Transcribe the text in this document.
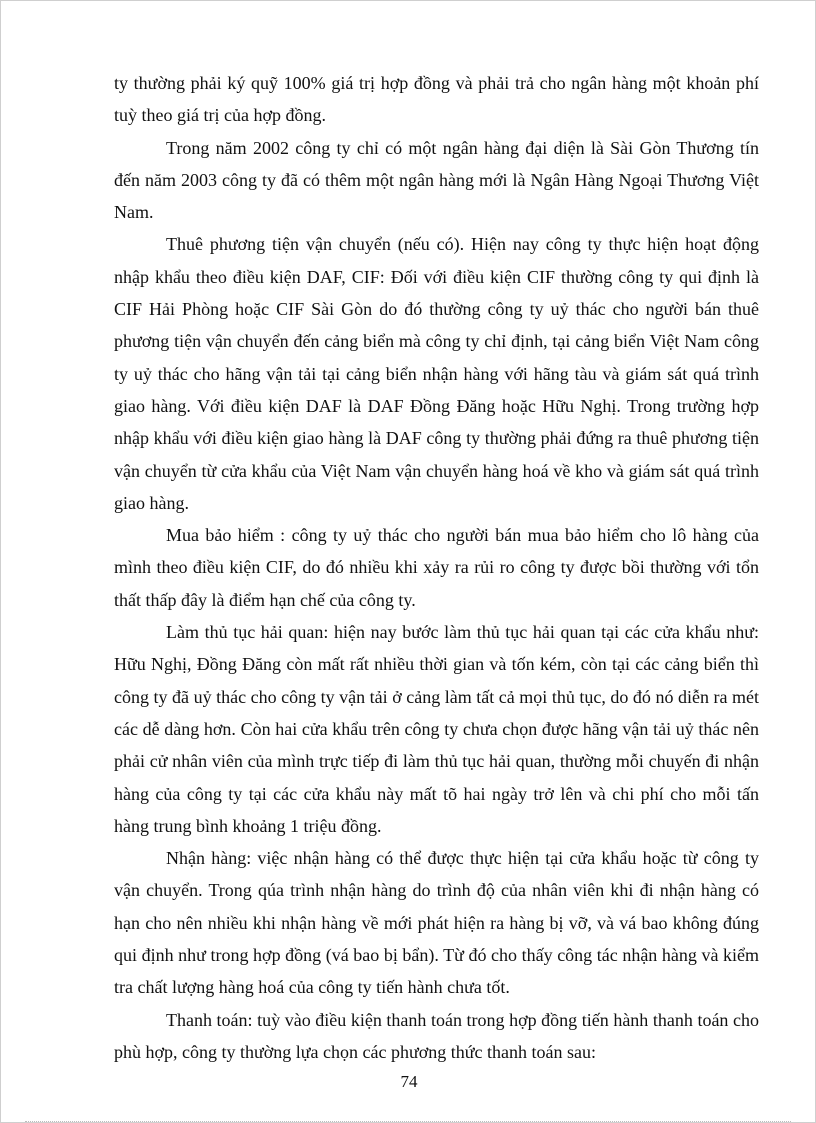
ty thường phải ký quỹ 100% giá trị hợp đồng và phải trả cho ngân hàng một khoản phí tuỳ theo giá trị của hợp đồng.

Trong năm 2002 công ty chỉ có một ngân hàng đại diện là Sài Gòn Thương tín đến năm 2003 công ty đã có thêm một ngân hàng mới là Ngân Hàng Ngoại Thương Việt Nam.

Thuê phương tiện vận chuyển (nếu có). Hiện nay công ty thực hiện hoạt động nhập khẩu theo điều kiện DAF, CIF: Đối với điều kiện CIF thường công ty qui định là CIF Hải Phòng hoặc CIF Sài Gòn do đó thường công ty uỷ thác cho người bán thuê phương tiện vận chuyển đến cảng biển mà công ty chỉ định, tại cảng biển Việt Nam công ty uỷ thác cho hãng vận tải tại cảng biển nhận hàng với hãng tàu và giám sát quá trình giao hàng. Với điều kiện DAF là DAF Đồng Đăng hoặc Hữu Nghị. Trong trường hợp nhập khẩu với điều kiện giao hàng là DAF công ty thường phải đứng ra thuê phương tiện vận chuyển từ cửa khẩu của Việt Nam vận chuyển hàng hoá về kho và giám sát quá trình giao hàng.

Mua bảo hiểm : công ty uỷ thác cho người bán mua bảo hiểm cho lô hàng của mình theo điều kiện CIF, do đó nhiều khi xảy ra rủi ro công ty được bồi thường với tổn thất thấp đây là điểm hạn chế của công ty.

Làm thủ tục hải quan: hiện nay bước làm thủ tục hải quan tại các cửa khẩu như: Hữu Nghị, Đồng Đăng còn mất rất nhiều thời gian và tốn kém, còn tại các cảng biển thì công ty đã uỷ thác cho công ty vận tải ở cảng làm tất cả mọi thủ tục, do đó nó diễn ra mét các dễ dàng hơn. Còn hai cửa khẩu trên công ty chưa chọn được hãng vận tải uỷ thác nên phải cử nhân viên của mình trực tiếp đi làm thủ tục hải quan, thường mỗi chuyến đi nhận hàng của công ty tại các cửa khẩu này mất tõ hai ngày trở lên và chi phí cho mỗi tấn hàng trung bình khoảng 1 triệu đồng.

Nhận hàng: việc nhận hàng có thể được thực hiện tại cửa khẩu hoặc từ công ty vận chuyển. Trong qúa trình nhận hàng do trình độ của nhân viên khi đi nhận hàng có hạn cho nên nhiều khi nhận hàng về mới phát hiện ra hàng bị vỡ, và vá bao không đúng qui định như trong hợp đồng (vá bao bị bẩn). Từ đó cho thấy công tác nhận hàng và kiểm tra chất lượng hàng hoá của công ty tiến hành chưa tốt.

Thanh toán: tuỳ vào điều kiện thanh toán trong hợp đồng tiến hành thanh toán cho phù hợp, công ty thường lựa chọn các phương thức thanh toán sau:

74
